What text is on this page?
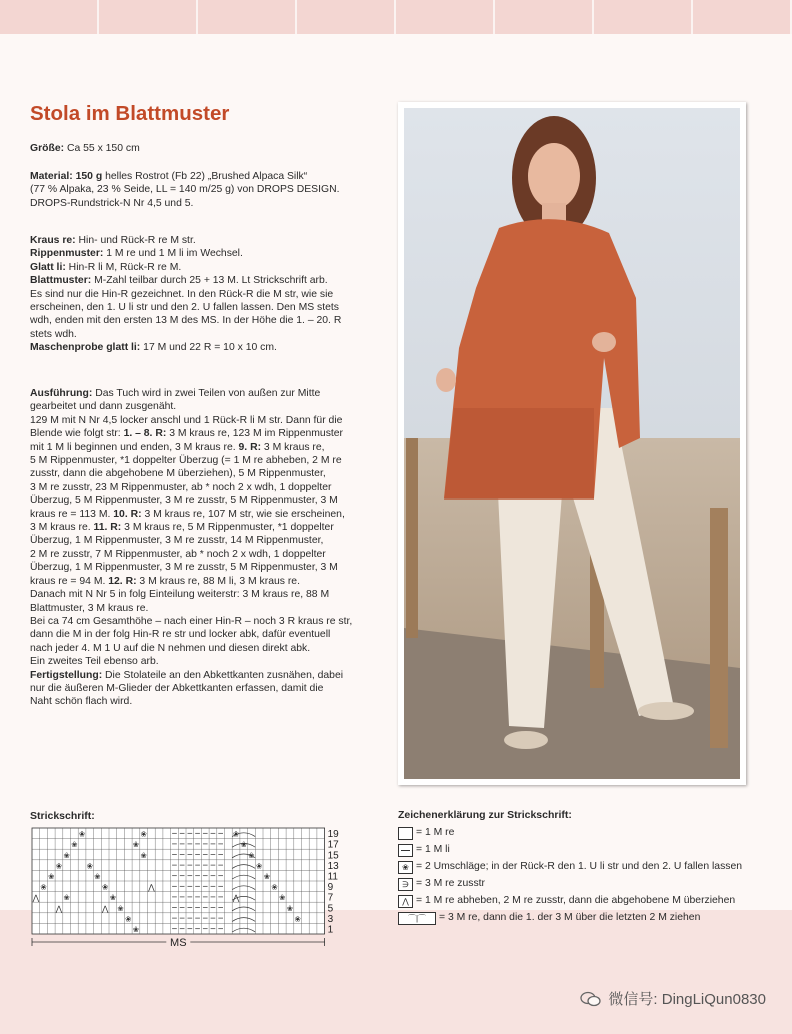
Stola im Blattmuster

Größe: Ca 55 x 150 cm

Material: 150 g helles Rostrot (Fb 22) „Brushed Alpaca Silk“

(77 % Alpaka, 23 % Seide, LL = 140 m/25 g) von DROPS DESIGN.

DROPS-Rundstrick-N Nr 4,5 und 5.

Kraus re: Hin- und Rück-R re M str.

Rippenmuster: 1 M re und 1 M li im Wechsel.

Glatt li: Hin-R li M, Rück-R re M.

Blattmuster: M-Zahl teilbar durch 25 + 13 M. Lt Strickschrift arb.

Es sind nur die Hin-R gezeichnet. In den Rück-R die M str, wie sie

erscheinen, den 1. U li str und den 2. U fallen lassen. Den MS stets

wdh, enden mit den ersten 13 M des MS. In der Höhe die 1. – 20. R

stets wdh.

Maschenprobe glatt li: 17 M und 22 R = 10 x 10 cm.

Ausführung: Das Tuch wird in zwei Teilen von außen zur Mitte

gearbeitet und dann zusgenäht.

129 M mit N Nr 4,5 locker anschl und 1 Rück-R li M str. Dann für die

Blende wie folgt str: 1. – 8. R: 3 M kraus re, 123 M im Rippenmuster

mit 1 M li beginnen und enden, 3 M kraus re. 9. R: 3 M kraus re,

5 M Rippenmuster, *1 doppelter Überzug (= 1 M re abheben, 2 M re

zusstr, dann die abgehobene M überziehen), 5 M Rippenmuster,

3 M re zusstr, 23 M Rippenmuster, ab * noch 2 x wdh, 1 doppelter

Überzug, 5 M Rippenmuster, 3 M re zusstr, 5 M Rippenmuster, 3 M

kraus re = 113 M. 10. R: 3 M kraus re, 107 M str, wie sie erscheinen,

3 M kraus re. 11. R: 3 M kraus re, 5 M Rippenmuster, *1 doppelter

Überzug, 1 M Rippenmuster, 3 M re zusstr, 14 M Rippenmuster,

2 M re zusstr, 7 M Rippenmuster, ab * noch 2 x wdh, 1 doppelter

Überzug, 1 M Rippenmuster, 3 M re zusstr, 5 M Rippenmuster, 3 M

kraus re = 94 M. 12. R: 3 M kraus re, 88 M li, 3 M kraus re.

Danach mit N Nr 5 in folg Einteilung weiterstr: 3 M kraus re, 88 M

Blattmuster, 3 M kraus re.

Bei ca 74 cm Gesamthöhe – nach einer Hin-R – noch 3 R kraus re str,

dann die M in der folg Hin-R re str und locker abk, dafür eventuell

nach jeder 4. M 1 U auf die N nehmen und diesen direkt abk.

Ein zweites Teil ebenso arb.

Fertigstellung: Die Stolateile an den Abkettkanten zusnähen, dabei

nur die äußeren M-Glieder der Abkettkanten erfassen, damit die

Naht schön flach wird.

Strickschrift:
❀
❀
❀
❀
❀
❀
❀
❀
❀
❀
❀
❀
❀
❀
❀
❀
❀
❀
❀
❀
❀
❀
❀
❀
❀
❀
⋀
⋀	⋀
⋀
⋀
19
17
15
13
11
9
7
5
3
1
MS
Zeichenerklärung zur Strickschrift:
= 1 M re
= 1 M li
❀ = 2 Umschläge; in der Rück-R den 1. U li str und den 2. U fallen lassen
∋ = 3 M re zusstr
⋀ = 1 M re abheben, 2 M re zusstr, dann die abgehobene M überziehen
⌒|⌒	= 3 M re, dann die 1. der 3 M über die letzten 2 M ziehen
微信号: DingLiQun0830
